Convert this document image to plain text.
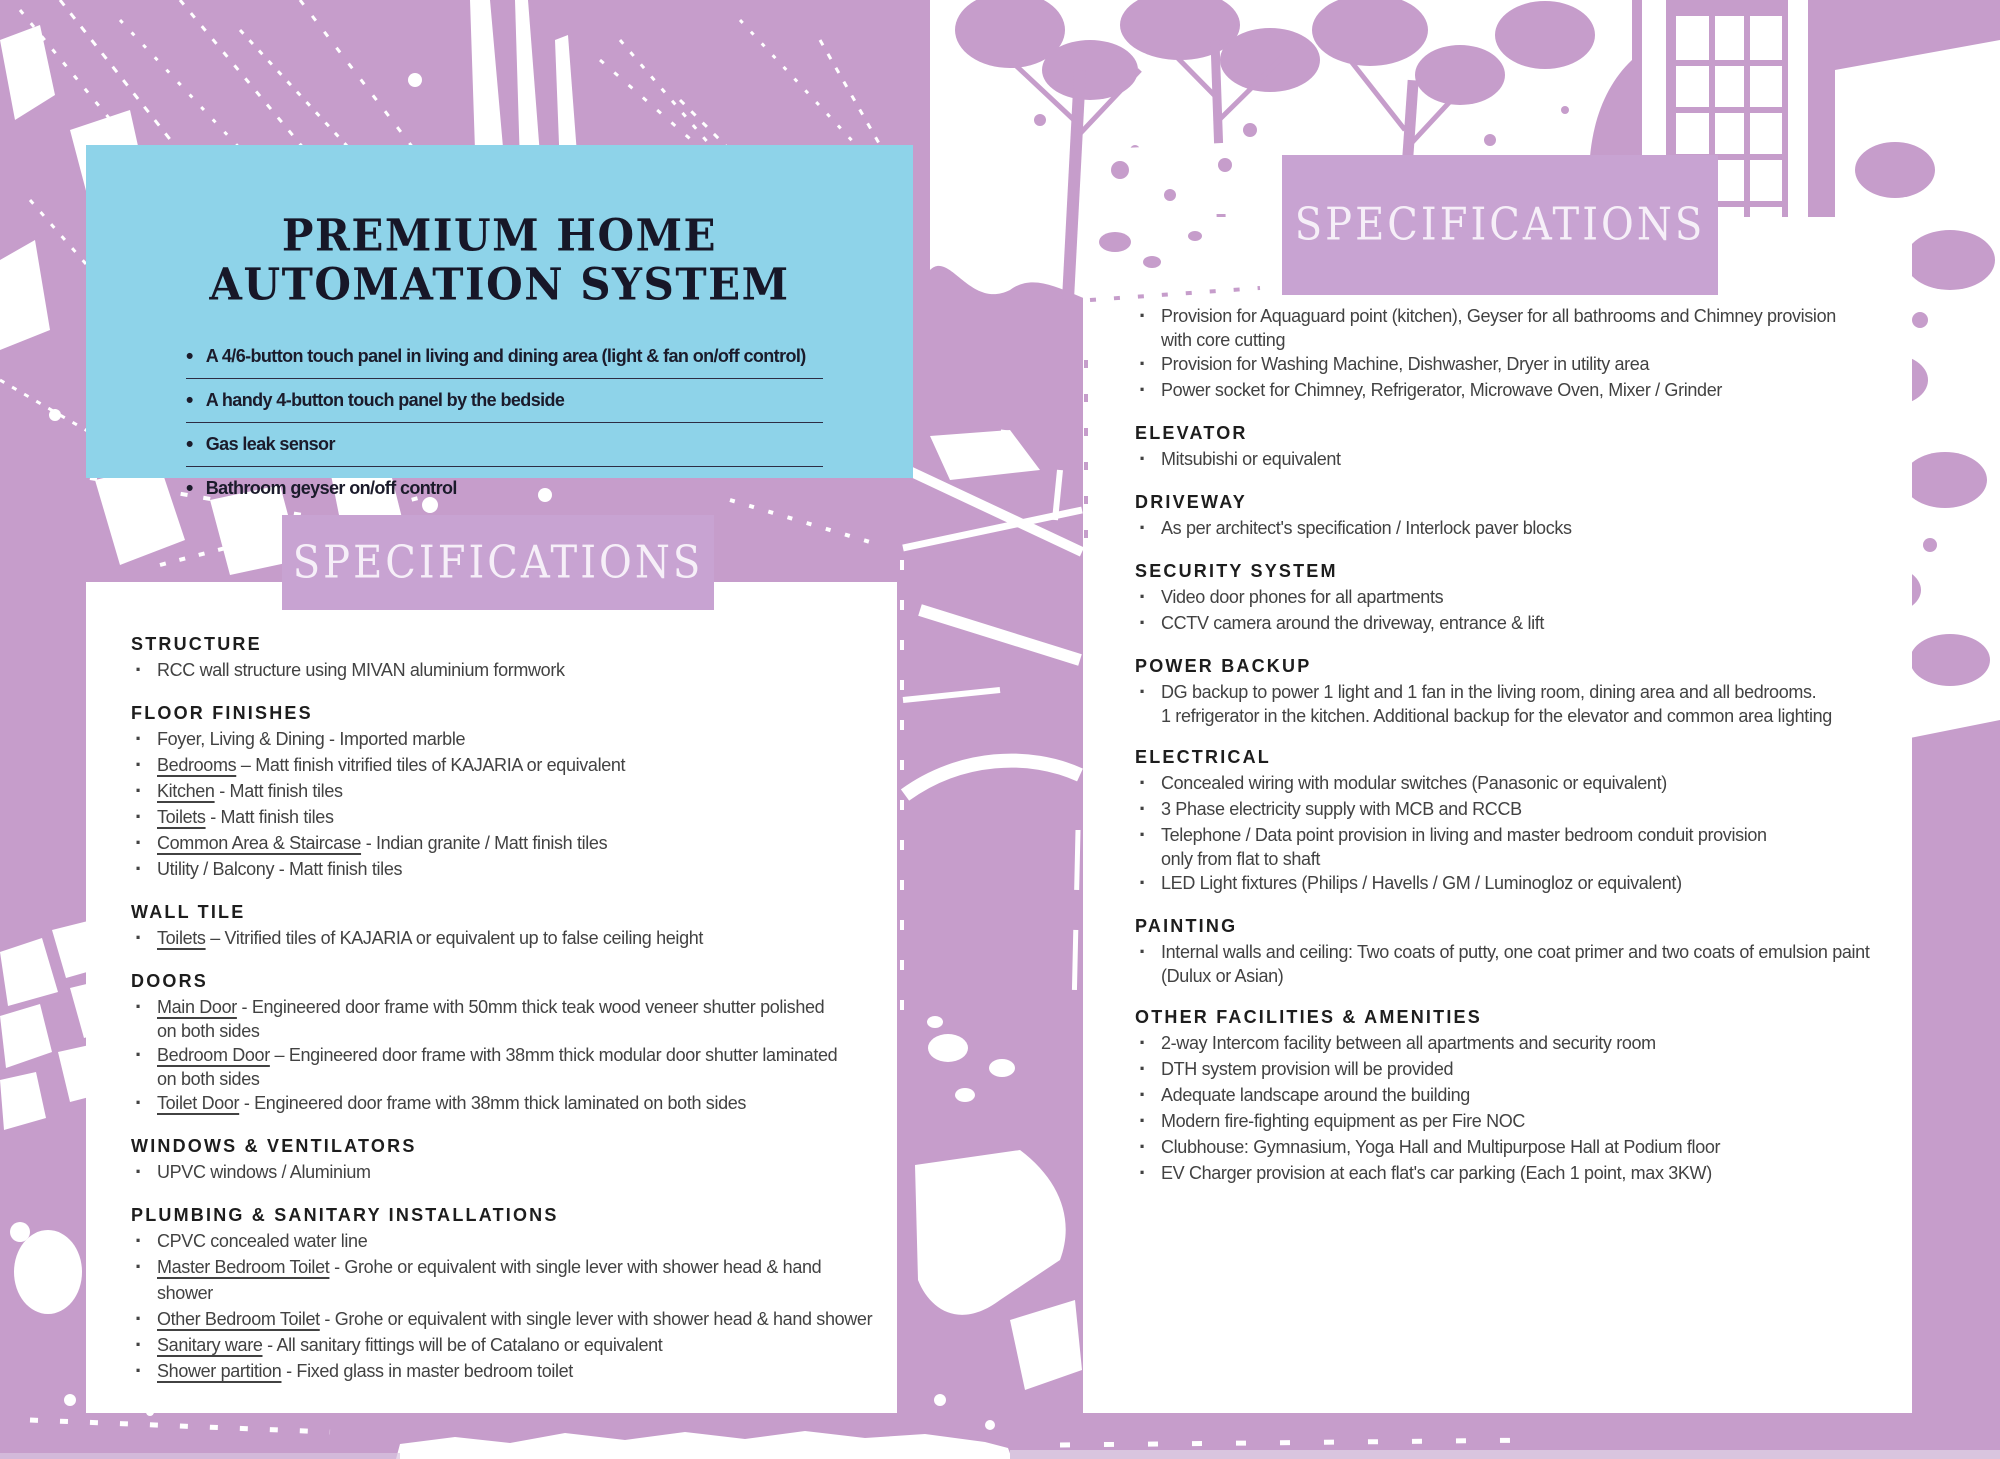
PREMIUM HOME
AUTOMATION SYSTEM
• A 4/6-button touch panel in living and dining area (light & fan on/off control)
• A handy 4-button touch panel by the bedside
• Gas leak sensor
• Bathroom geyser on/off control
STRUCTURE
· RCC wall structure using MIVAN aluminium formwork
FLOOR FINISHES
· Foyer, Living & Dining - Imported marble
· Bedrooms – Matt finish vitrified tiles of KAJARIA or equivalent
· Kitchen - Matt finish tiles
· Toilets - Matt finish tiles
· Common Area & Staircase - Indian granite / Matt finish tiles
· Utility / Balcony - Matt finish tiles
WALL TILE
· Toilets – Vitrified tiles of KAJARIA or equivalent up to false ceiling height
DOORS
· Main Door - Engineered door frame with 50mm thick teak wood veneer shutter polished
on both sides
· Bedroom Door – Engineered door frame with 38mm thick modular door shutter laminated
on both sides
· Toilet Door - Engineered door frame with 38mm thick laminated on both sides
WINDOWS & VENTILATORS
· UPVC windows / Aluminium
PLUMBING & SANITARY INSTALLATIONS
· CPVC concealed water line
· Master Bedroom Toilet - Grohe or equivalent with single lever with shower head & hand shower
· Other Bedroom Toilet - Grohe or equivalent with single lever with shower head & hand shower
· Sanitary ware - All sanitary fittings will be of Catalano or equivalent
· Shower partition - Fixed glass in master bedroom toilet
SPECIFICATIONS
· Provision for Aquaguard point (kitchen), Geyser for all bathrooms and Chimney provision
with core cutting
· Provision for Washing Machine, Dishwasher, Dryer in utility area
· Power socket for Chimney, Refrigerator, Microwave Oven, Mixer / Grinder
ELEVATOR
· Mitsubishi or equivalent
DRIVEWAY
· As per architect's specification / Interlock paver blocks
SECURITY SYSTEM
· Video door phones for all apartments
· CCTV camera around the driveway, entrance & lift
POWER BACKUP
· DG backup to power 1 light and 1 fan in the living room, dining area and all bedrooms.
1 refrigerator in the kitchen. Additional backup for the elevator and common area lighting
ELECTRICAL
· Concealed wiring with modular switches (Panasonic or equivalent)
· 3 Phase electricity supply with MCB and RCCB
· Telephone / Data point provision in living and master bedroom conduit provision
only from flat to shaft
· LED Light fixtures (Philips / Havells / GM / Luminogloz or equivalent)
PAINTING
· Internal walls and ceiling: Two coats of putty, one coat primer and two coats of emulsion paint
(Dulux or Asian)
OTHER FACILITIES & AMENITIES
· 2-way Intercom facility between all apartments and security room
· DTH system provision will be provided
· Adequate landscape around the building
· Modern fire-fighting equipment as per Fire NOC
· Clubhouse: Gymnasium, Yoga Hall and Multipurpose Hall at Podium floor
· EV Charger provision at each flat's car parking (Each 1 point, max 3KW)
SPECIFICATIONS
